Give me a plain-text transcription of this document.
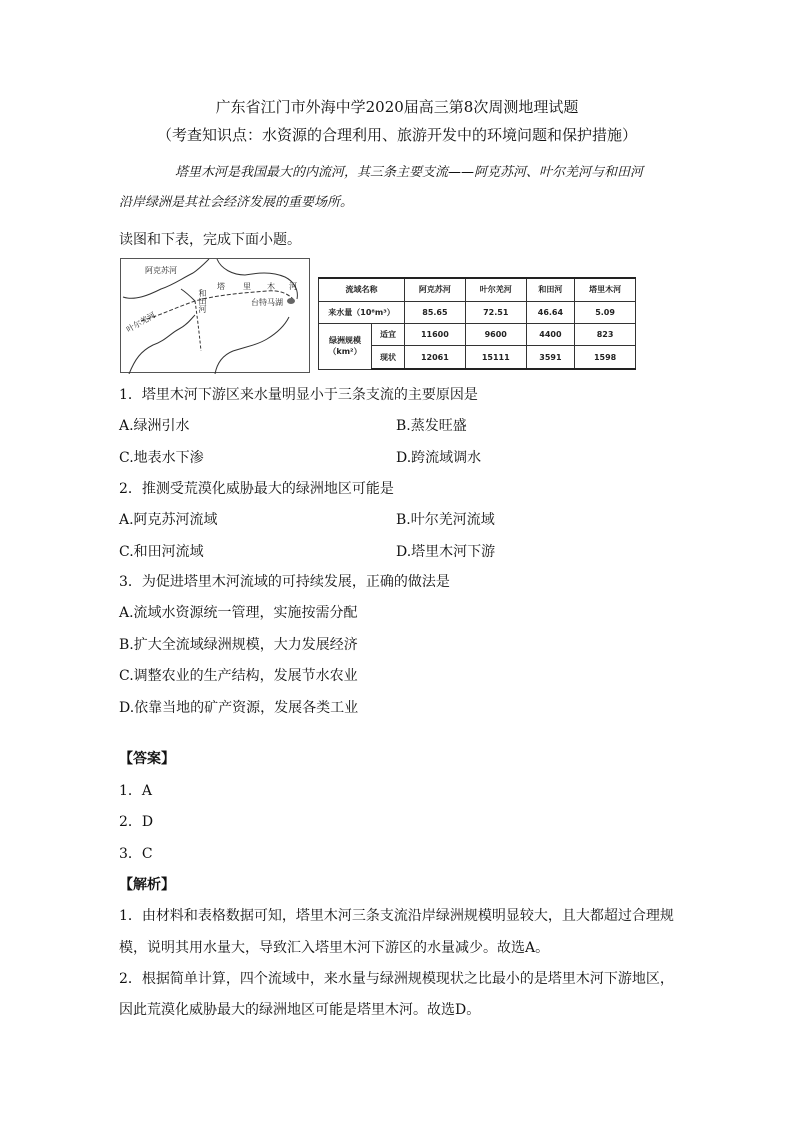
广东省江门市外海中学2020届高三第8次周测地理试题
（考查知识点：水资源的合理利用、旅游开发中的环境问题和保护措施）
塔里木河是我国最大的内流河，其三条主要支流——阿克苏河、叶尔羌河与和田河
沿岸绿洲是其社会经济发展的重要场所。
读图和下表，完成下面小题。
阿克苏河
叶尔羌河
和田河
塔 里 木 河
台特马湖
流域名称		阿克苏河	叶尔羌河	和田河	塔里木河
来水量（10⁸m³）		85.65	72.51	46.64	5.09
绿洲规模（km²）	适宜	11600	9600	4400	823
	现状	12061	15111	3591	1598
1．塔里木河下游区来水量明显小于三条支流的主要原因是
A.绿洲引水	B.蒸发旺盛
C.地表水下渗	D.跨流域调水
2．推测受荒漠化威胁最大的绿洲地区可能是
A.阿克苏河流域	B.叶尔羌河流域
C.和田河流域	D.塔里木河下游
3．为促进塔里木河流域的可持续发展，正确的做法是
A.流域水资源统一管理，实施按需分配
B.扩大全流域绿洲规模，大力发展经济
C.调整农业的生产结构，发展节水农业
D.依靠当地的矿产资源，发展各类工业
【答案】
1．A
2．D
3．C
【解析】
1．由材料和表格数据可知，塔里木河三条支流沿岸绿洲规模明显较大，且大都超过合理规
模，说明其用水量大，导致汇入塔里木河下游区的水量减少。故选A。
2．根据简单计算，四个流域中，来水量与绿洲规模现状之比最小的是塔里木河下游地区，
因此荒漠化威胁最大的绿洲地区可能是塔里木河。故选D。
